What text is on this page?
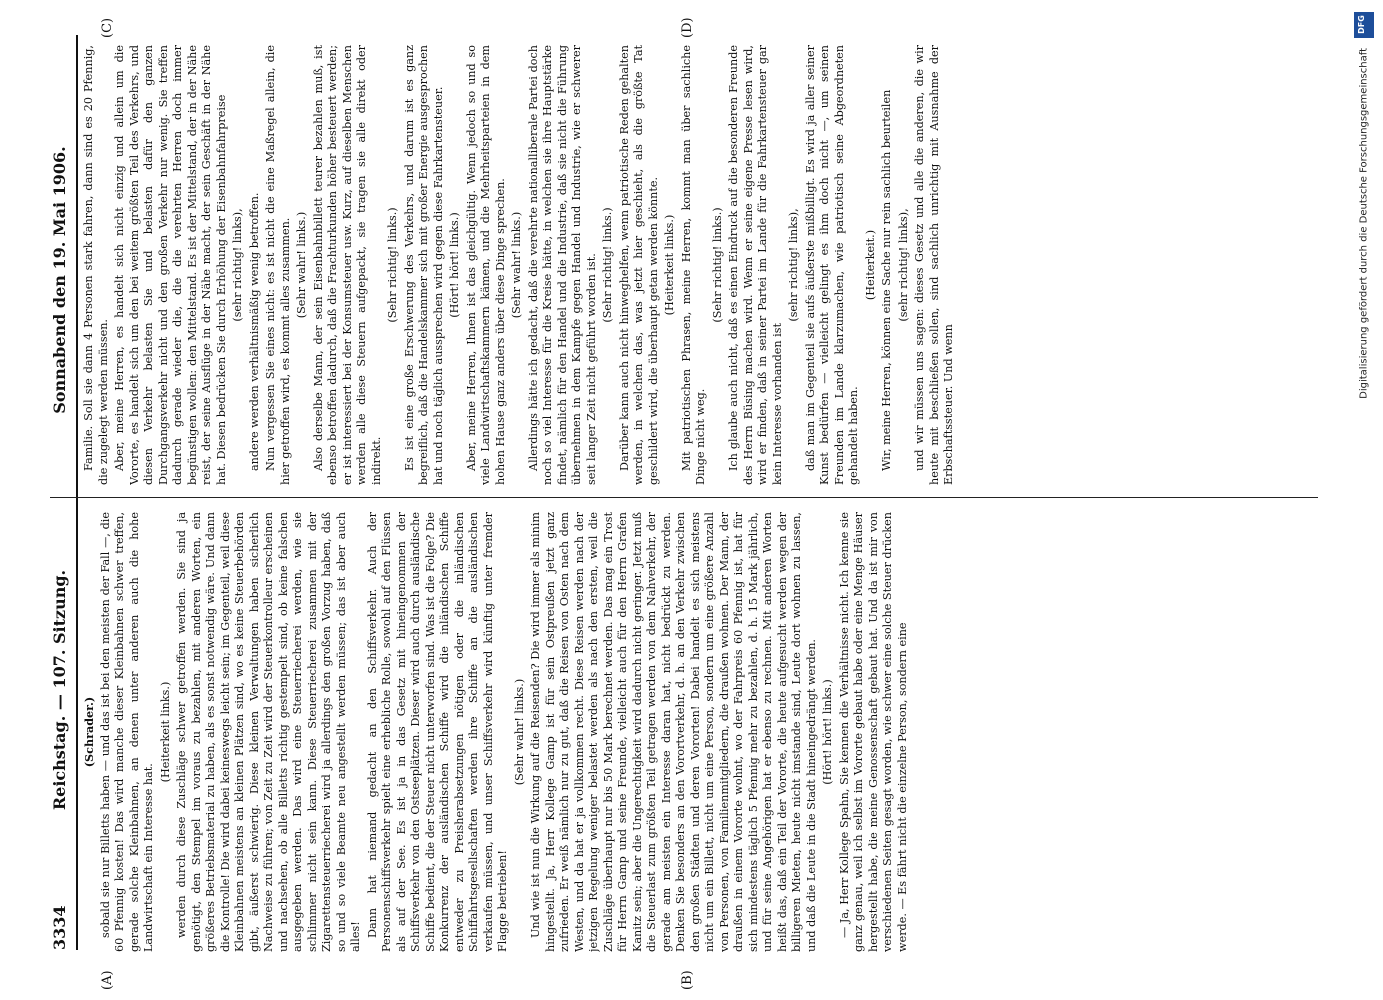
3334
Reichstag. — 107. Sitzung.
Sonnabend den 19. Mai 1906.
(A)	(B)
(C)	(D)

(Schrader.) sobald sie nur Billetts haben — und das ist bei den meisten der Fall —, die 60 Pfennig kosten! Das wird manche dieser Kleinbahnen schwer treffen, gerade solche Kleinbahnen, an denen unter anderen auch die hohe Landwirtschaft ein Interesse hat.

(Heiterkeit links.) werden durch diese Zuschläge schwer getroffen werden. Sie sind ja genötigt, den Stempel im voraus zu bezahlen, mit anderen Worten, ein größeres Betriebsmaterial zu haben, als es sonst notwendig wäre. Und dann die Kontrolle! Die wird dabei keineswegs leicht sein; im Gegenteil, weil diese Kleinbahnen meistens an kleinen Plätzen sind, wo es keine Steuerbehörden gibt, äußerst schwierig. Diese kleinen Verwaltungen haben sicherlich Nachweise zu führen; von Zeit zu Zeit wird der Steuerkontrolleur erscheinen und nachsehen, ob alle Billetts richtig gestempelt sind, ob keine falschen ausgegeben werden. Das wird eine Steuerriecherei werden, wie sie schlimmer nicht sein kann. Diese Steuerriecherei zusammen mit der Zigarettensteuerriecherei wird ja allerdings den großen Vorzug haben, daß so und so viele Beamte neu angestellt werden müssen; das ist aber auch alles! Dann hat niemand gedacht an den Schiffsverkehr. Auch der Personenschiffsverkehr spielt eine erhebliche Rolle, sowohl auf den Flüssen als auf der See. Es ist ja in das Gesetz mit hineingenommen der Schiffsverkehr von den Ostseeplätzen. Dieser wird auch durch ausländische Schiffe bedient, die der Steuer nicht unterworfen sind. Was ist die Folge? Die Konkurrenz der ausländischen Schiffe wird die inländischen Schiffe entweder zu Preisherabsetzungen nötigen oder die inländischen Schiffahrtsgesellschaften werden ihre Schiffe an die ausländischen verkaufen müssen, und unser Schiffsverkehr wird künftig unter fremder Flagge betrieben!

(Sehr wahr! links.) Und wie ist nun die Wirkung auf die Reisenden? Die wird immer als minim hingestellt. Ja, Herr Kollege Gamp ist für sein Ostpreußen jetzt ganz zufrieden. Er weiß nämlich nur zu gut, daß die Reisen von Osten nach dem Westen, und da hat er ja vollkommen recht. Diese Reisen werden nach der jetzigen Regelung weniger belastet werden als nach den ersten, weil die Zuschläge überhaupt nur bis 50 Mark berechnet werden. Das mag ein Trost für Herrn Gamp und seine Freunde, vielleicht auch für den Herrn Grafen Kanitz sein; aber die Ungerechtigkeit wird dadurch nicht geringer. Jetzt muß die Steuerlast zum größten Teil getragen werden von dem Nahverkehr, der gerade am meisten ein Interesse daran hat, nicht bedrückt zu werden. Denken Sie besonders an den Vorortverkehr, d. h. an den Verkehr zwischen den großen Städten und deren Vororten! Dabei handelt es sich meistens nicht um ein Billett, nicht um eine Person, sondern um eine größere Anzahl von Personen, von Familienmitgliedern, die draußen wohnen. Der Mann, der draußen in einem Vororte wohnt, wo der Fahrpreis 60 Pfennig ist, hat für sich mindestens täglich 5 Pfennig mehr zu bezahlen, d. h. 15 Mark jährlich, und für seine Angehörigen hat er ebenso zu rechnen. Mit anderen Worten heißt das, daß ein Teil der Vororte, die heute aufgesucht werden wegen der billigeren Mieten, heute nicht imstande sind, Leute dort wohnen zu lassen, und daß die Leute in die Stadt hineingedrängt werden. (Hört! hört! links.) — Ja, Herr Kollege Spahn, Sie kennen die Verhältnisse nicht. Ich kenne sie ganz genau, weil ich selbst im Vororte gebaut habe oder eine Menge Häuser hergestellt habe, die meine Genossenschaft gebaut hat. Und da ist mir von verschiedenen Seiten gesagt worden, wie schwer eine solche Steuer drücken werde. — Es fährt nicht die einzelne Person, sondern eine

Familie. Soll sie dann 4 Personen stark fahren, dann sind es 20 Pfennig, die zugelegt werden müssen. Aber, meine Herren, es handelt sich nicht einzig und allein um die Vororte, es handelt sich um den bei weitem größten Teil des Verkehrs, und diesen Verkehr belasten Sie und belasten dafür den ganzen Durchgangsverkehr nicht und den großen Verkehr nur wenig. Sie treffen dadurch gerade wieder die, die die verehrten Herren doch immer begünstigen wollen: den Mittelstand. Es ist der Mittelstand, der in der Nähe reist, der seine Ausflüge in der Nähe macht, der sein Geschäft in der Nähe hat. Diesen bedrücken Sie durch Erhöhung der Eisenbahnfahrpreise (sehr richtig! links), andere werden verhältnismäßig wenig betroffen. Nun vergessen Sie eines nicht: es ist nicht die eine Maßregel allein, die hier getroffen wird, es kommt alles zusammen. (Sehr wahr! links.) Also derselbe Mann, der sein Eisenbahnbillett teurer bezahlen muß, ist ebenso betroffen dadurch, daß die Frachturkunden höher besteuert werden; er ist interessiert bei der Konsumsteuer usw. Kurz, auf dieselben Menschen werden alle diese Steuern aufgepackt, sie tragen sie alle direkt oder indirekt.

(Sehr richtig! links.) Es ist eine große Erschwerung des Verkehrs, und darum ist es ganz begreiflich, daß die Handelskammer sich mit großer Energie ausgesprochen hat und noch täglich aussprechen wird gegen diese Fahrkartensteuer. (Hört! hört! links.) Aber, meine Herren, Ihnen ist das gleichgültig. Wenn jedoch so und so viele Landwirtschaftskammern kämen, und die Mehrheitsparteien in dem hohen Hause ganz anders über diese Dinge sprechen. (Sehr wahr! links.) Allerdings hätte ich gedacht, daß die verehrte nationalliberale Partei doch noch so viel Interesse für die Kreise hätte, in welchen sie ihre Hauptstärke findet, nämlich für den Handel und die Industrie, daß sie nicht die Führung übernehmen in dem Kampfe gegen Handel und Industrie, wie er schwerer seit langer Zeit nicht geführt worden ist. (Sehr richtig! links.) Darüber kann auch nicht hinweghelfen, wenn patriotische Reden gehalten werden, in welchen das, was jetzt hier geschieht, als die größte Tat geschildert wird, die überhaupt getan werden könnte. (Heiterkeit links.) Mit patriotischen Phrasen, meine Herren, kommt man über sachliche Dinge nicht weg.

(Sehr richtig! links.) Ich glaube auch nicht, daß es einen Eindruck auf die besonderen Freunde des Herrn Büsing machen wird. Wenn er seine eigene Presse lesen wird, wird er finden, daß in seiner Partei im Lande für die Fahrkartensteuer gar kein Interesse vorhanden ist

(sehr richtig! links), daß man im Gegenteil sie aufs äußerste mißbilligt. Es wird ja aller seiner Kunst bedürfen — vielleicht gelingt es ihm doch nicht —, um seinen Freunden im Lande klarzumachen, wie patriotisch seine Abgeordneten gehandelt haben.

(Heiterkeit.) Wir, meine Herren, können eine Sache nur rein sachlich beurteilen (sehr richtig! links), und wir müssen uns sagen: dieses Gesetz und alle die anderen, die wir heute mit beschließen sollen, sind sachlich unrichtig mit Ausnahme der Erbschaftssteuer. Und wenn

DFG
Digitalisierung gefördert durch die Deutsche Forschungsgemeinschaft
